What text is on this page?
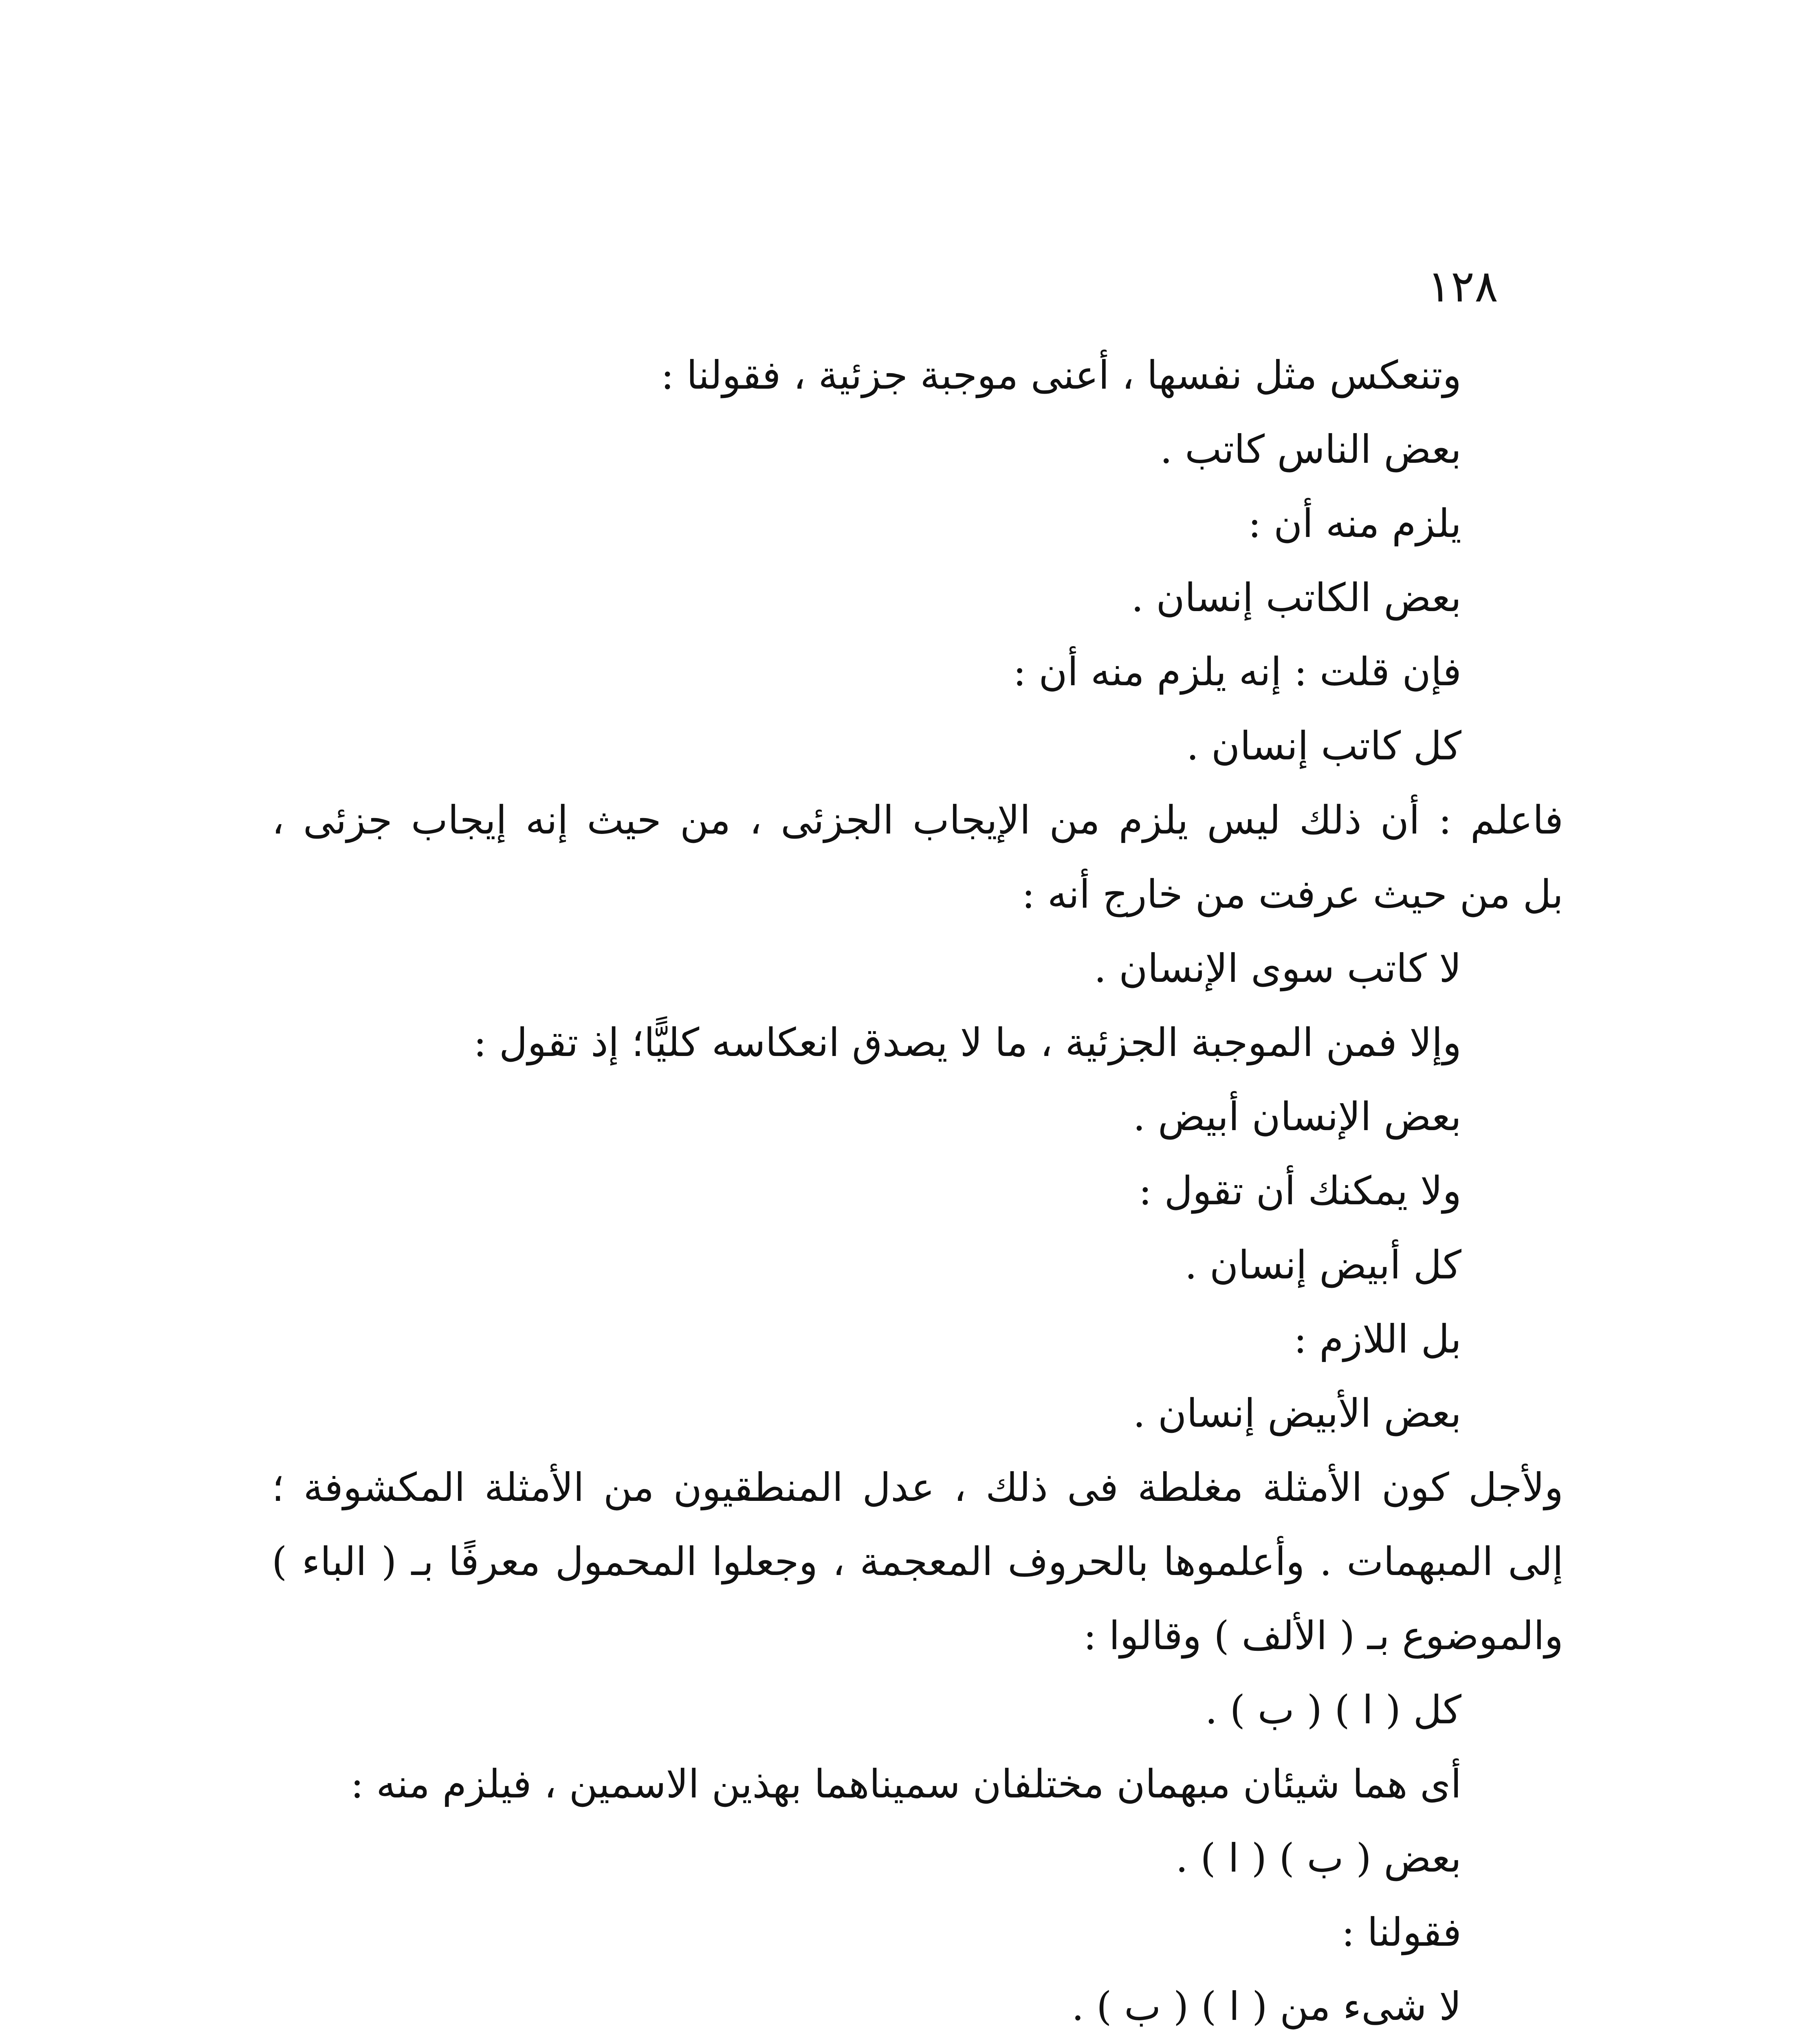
١٢٨

وتنعكس مثل نفسها ، أعنى موجبة جزئية ، فقولنا :

بعض الناس كاتب .

يلزم منه أن :

بعض الكاتب إنسان .

فإن قلت : إنه يلزم منه أن :

كل كاتب إنسان .

فاعلم : أن ذلك ليس يلزم من الإيجاب الجزئى ، من حيث إنه إيجاب جزئى ،

بل من حيث عرفت من خارج أنه :

لا كاتب سوى الإنسان .

وإلا فمن الموجبة الجزئية ، ما لا يصدق انعكاسه كليًّا؛ إذ تقول :

بعض الإنسان أبيض .

ولا يمكنك أن تقول :

كل أبيض إنسان .

بل اللازم :

بعض الأبيض إنسان .

ولأجل كون الأمثلة مغلطة فى ذلك ، عدل المنطقيون من الأمثلة المكشوفة ؛

إلى المبهمات . وأعلموها بالحروف المعجمة ، وجعلوا المحمول معرفًا بـ ( الباء )

والموضوع بـ ( الألف ) وقالوا :

كل ( ا ) ( ب ) .

أى هما شيئان مبهمان مختلفان سميناهما بهذين الاسمين ، فيلزم منه :

بعض ( ب ) ( ا ) .

فقولنا :

لا شىء من ( ا ) ( ب ) .
